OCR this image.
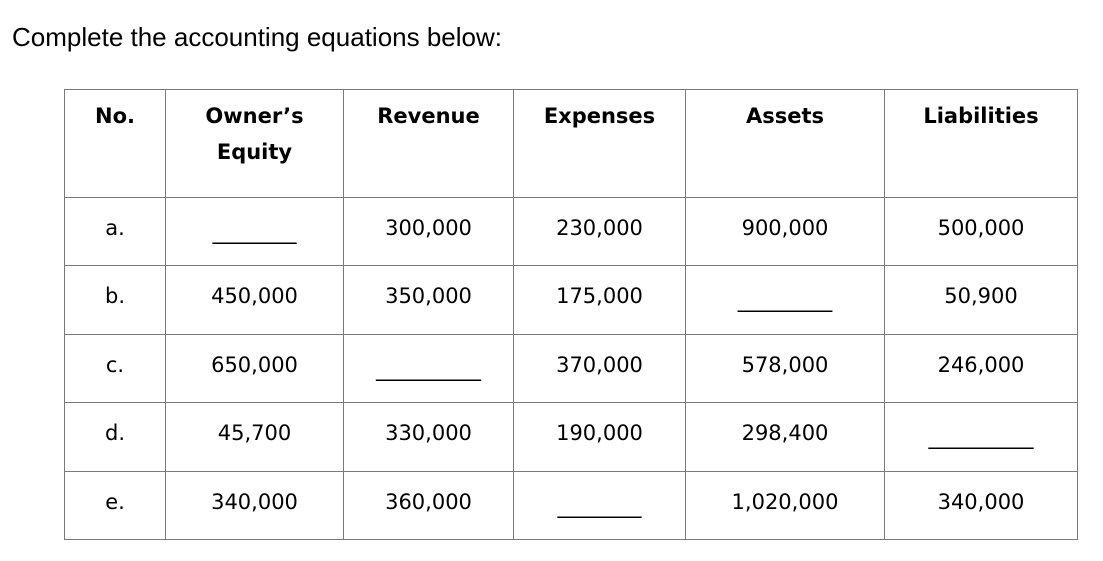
Complete the accounting equations below:
No.	Owner’s Equity	Revenue	Expenses	Assets	Liabilities
a.	________	300,000	230,000	900,000	500,000
b.	450,000	350,000	175,000	_________	50,900
c.	650,000	__________	370,000	578,000	246,000
d.	45,700	330,000	190,000	298,400	__________
e.	340,000	360,000	________	1,020,000	340,000
